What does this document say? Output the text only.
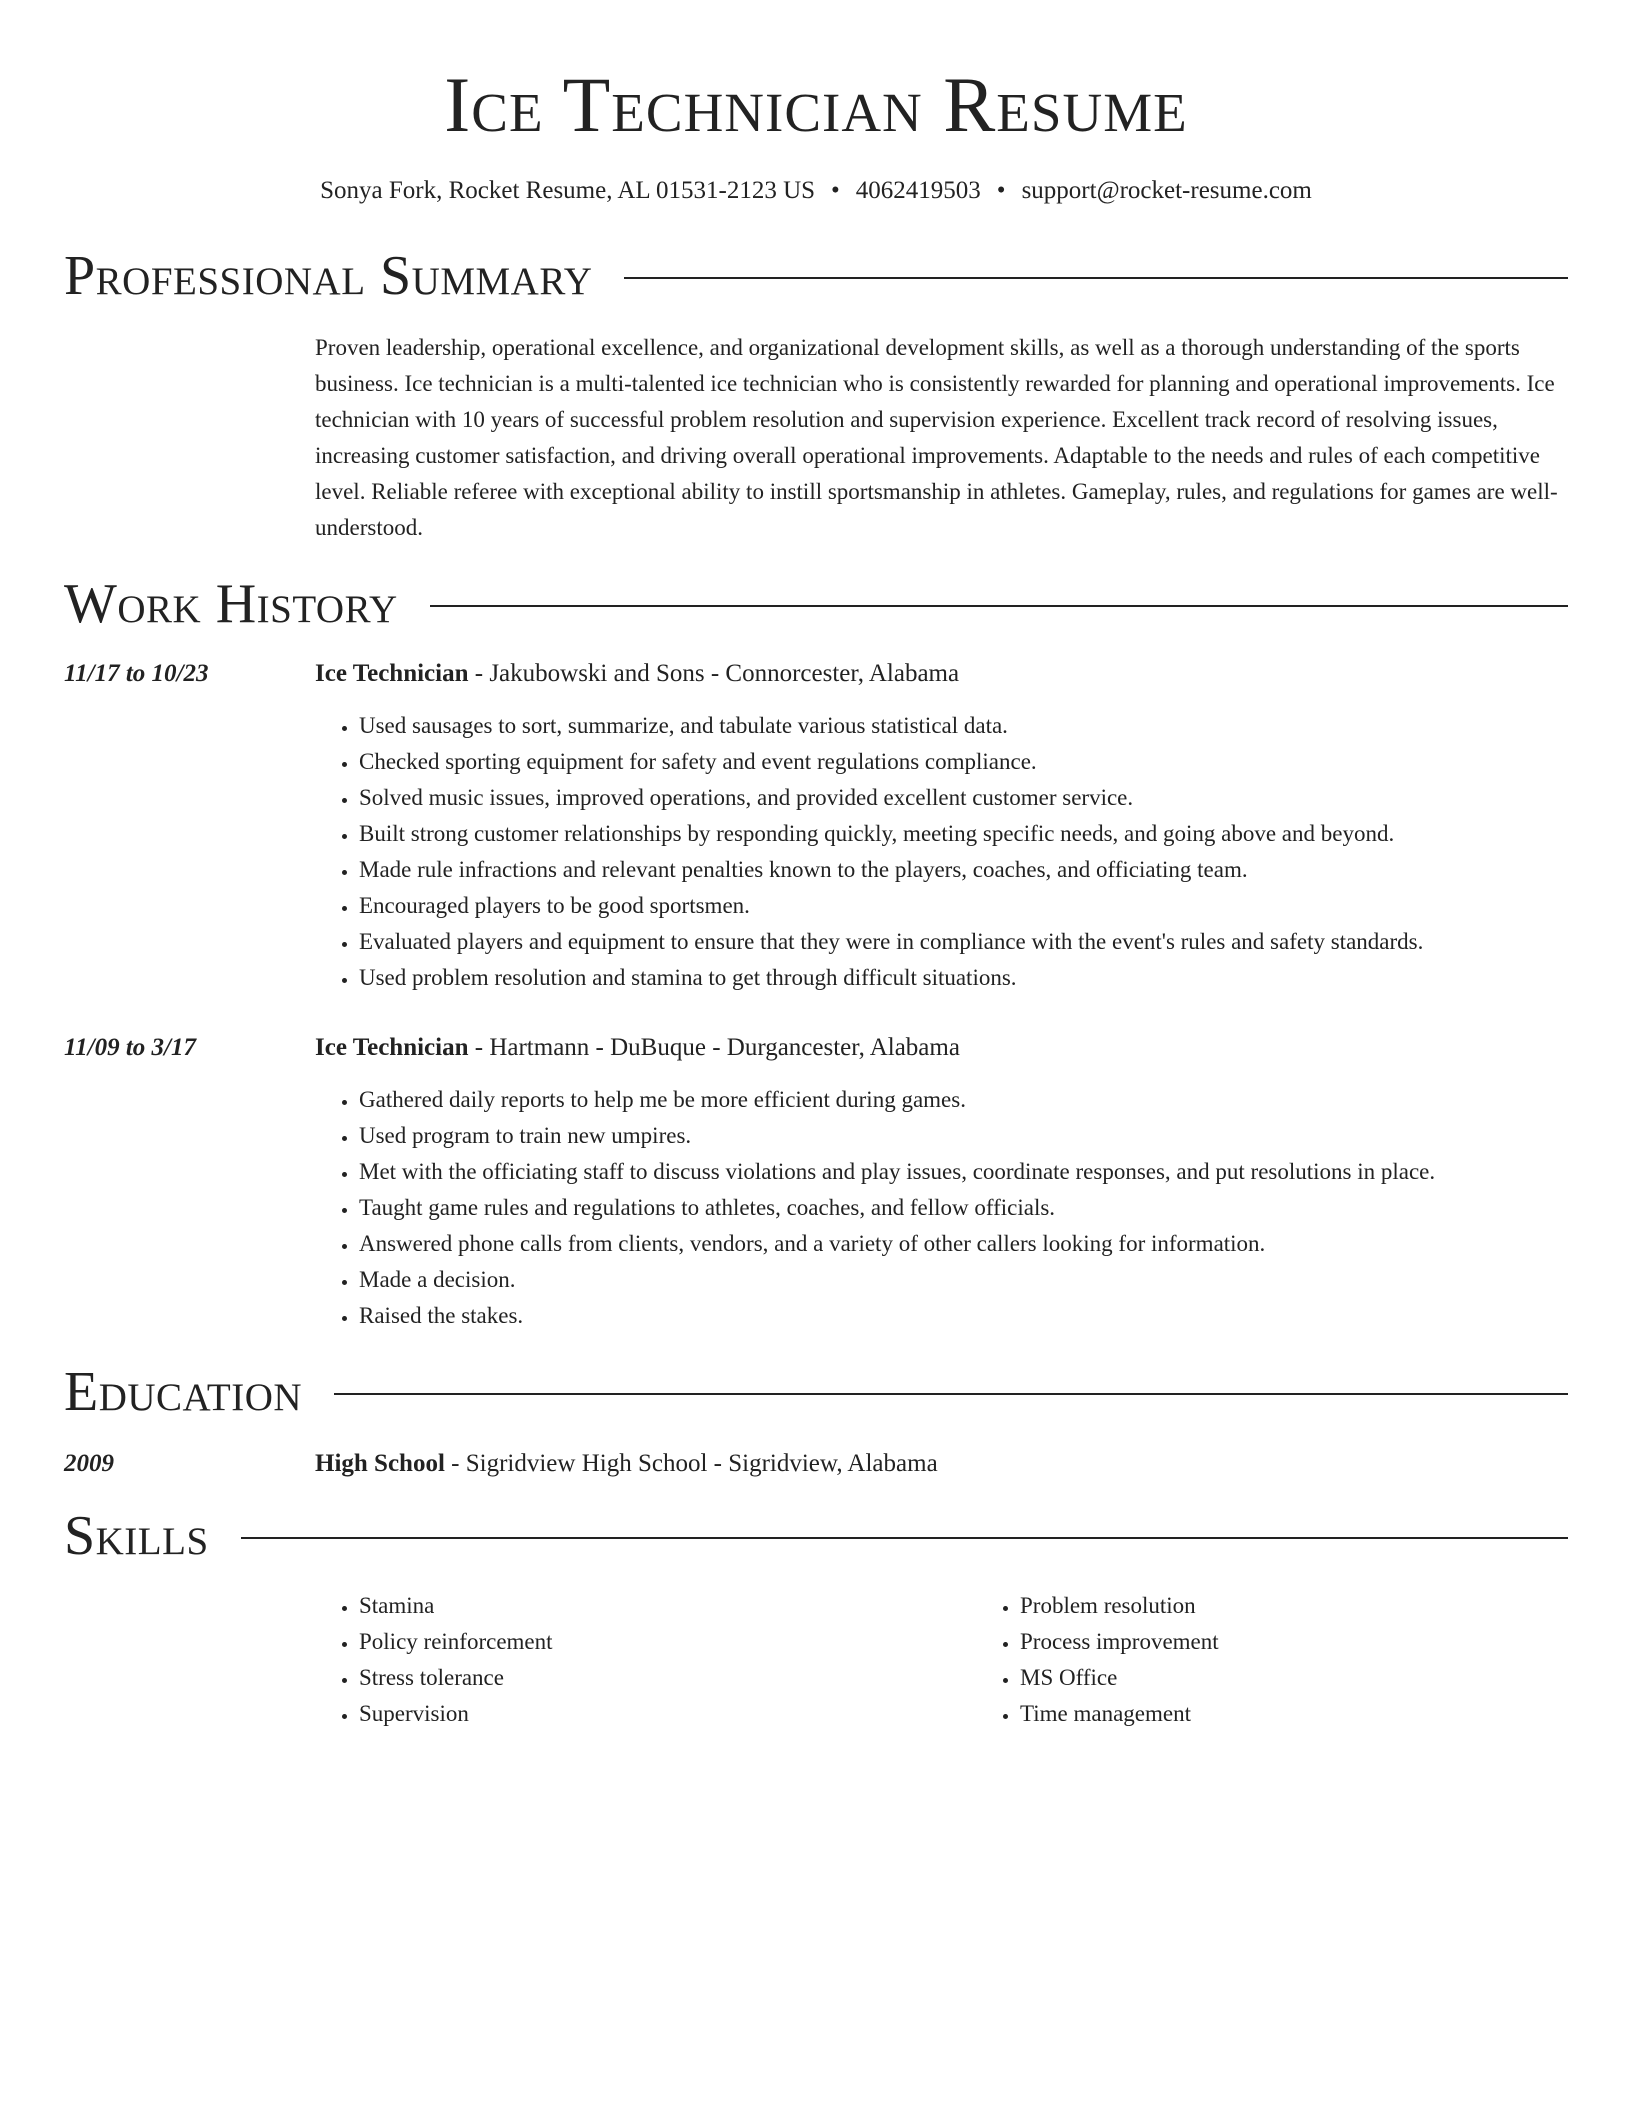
Ice Technician Resume
Sonya Fork, Rocket Resume, AL 01531-2123 US • 4062419503 • support@rocket-resume.com
Professional Summary
Proven leadership, operational excellence, and organizational development skills, as well as a thorough understanding of the sports business. Ice technician is a multi-talented ice technician who is consistently rewarded for planning and operational improvements. Ice technician with 10 years of successful problem resolution and supervision experience. Excellent track record of resolving issues, increasing customer satisfaction, and driving overall operational improvements. Adaptable to the needs and rules of each competitive level. Reliable referee with exceptional ability to instill sportsmanship in athletes. Gameplay, rules, and regulations for games are well-understood.
Work History
11/17 to 10/23	Ice Technician - Jakubowski and Sons - Connorcester, Alabama
• Used sausages to sort, summarize, and tabulate various statistical data.
• Checked sporting equipment for safety and event regulations compliance.
• Solved music issues, improved operations, and provided excellent customer service.
• Built strong customer relationships by responding quickly, meeting specific needs, and going above and beyond.
• Made rule infractions and relevant penalties known to the players, coaches, and officiating team.
• Encouraged players to be good sportsmen.
• Evaluated players and equipment to ensure that they were in compliance with the event's rules and safety standards.
• Used problem resolution and stamina to get through difficult situations.
11/09 to 3/17	Ice Technician - Hartmann - DuBuque - Durgancester, Alabama
• Gathered daily reports to help me be more efficient during games.
• Used program to train new umpires.
• Met with the officiating staff to discuss violations and play issues, coordinate responses, and put resolutions in place.
• Taught game rules and regulations to athletes, coaches, and fellow officials.
• Answered phone calls from clients, vendors, and a variety of other callers looking for information.
• Made a decision.
• Raised the stakes.
Education
2009	High School - Sigridview High School - Sigridview, Alabama
Skills
• Stamina
• Policy reinforcement
• Stress tolerance
• Supervision
• Problem resolution
• Process improvement
• MS Office
• Time management
